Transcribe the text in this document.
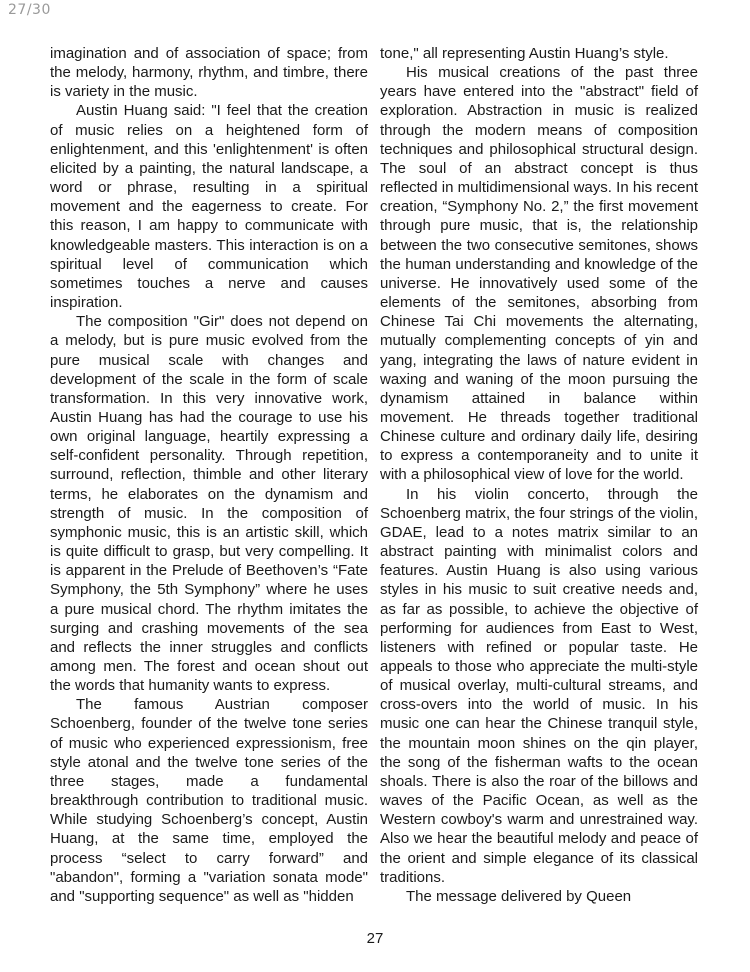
27/30

imagination and of association of space; from the melody, harmony, rhythm, and timbre, there is variety in the music.

Austin Huang said: "I feel that the creation of music relies on a heightened form of enlightenment, and this 'enlightenment' is often elicited by a painting, the natural landscape, a word or phrase, resulting in a spiritual movement and the eagerness to create. For this reason, I am happy to communicate with knowledgeable masters. This interaction is on a spiritual level of communication which sometimes touches a nerve and causes inspiration.

The composition "Gir" does not depend on a melody, but is pure music evolved from the pure musical scale with changes and development of the scale in the form of scale transformation. In this very innovative work, Austin Huang has had the courage to use his own original language, heartily expressing a self-confident personality. Through repetition, surround, reflection, thimble and other literary terms, he elaborates on the dynamism and strength of music. In the composition of symphonic music, this is an artistic skill, which is quite difficult to grasp, but very compelling. It is apparent in the Prelude of Beethoven’s “Fate Symphony, the 5th Symphony” where he uses a pure musical chord. The rhythm imitates the surging and crashing movements of the sea and reflects the inner struggles and conflicts among men. The forest and ocean shout out the words that humanity wants to express.

The famous Austrian composer Schoenberg, founder of the twelve tone series of music who experienced expressionism, free style atonal and the twelve tone series of the three stages, made a fundamental breakthrough contribution to traditional music. While studying Schoenberg’s concept, Austin Huang, at the same time, employed the process “select to carry forward” and "abandon", forming a "variation sonata mode" and "supporting sequence" as well as "hidden

tone," all representing Austin Huang’s style.

His musical creations of the past three years have entered into the "abstract" field of exploration. Abstraction in music is realized through the modern means of composition techniques and philosophical structural design. The soul of an abstract concept is thus reflected in multidimensional ways. In his recent creation, “Symphony No. 2,” the first movement through pure music, that is, the relationship between the two consecutive semitones, shows the human understanding and knowledge of the universe. He innovatively used some of the elements of the semitones, absorbing from Chinese Tai Chi movements the alternating, mutually complementing concepts of yin and yang, integrating the laws of nature evident in waxing and waning of the moon pursuing the dynamism attained in balance within movement. He threads together traditional Chinese culture and ordinary daily life, desiring to express a contemporaneity and to unite it with a philosophical view of love for the world.

In his violin concerto, through the Schoenberg matrix, the four strings of the violin, GDAE, lead to a notes matrix similar to an abstract painting with minimalist colors and features. Austin Huang is also using various styles in his music to suit creative needs and, as far as possible, to achieve the objective of performing for audiences from East to West, listeners with refined or popular taste. He appeals to those who appreciate the multi-style of musical overlay, multi-cultural streams, and cross-overs into the world of music. In his music one can hear the Chinese tranquil style, the mountain moon shines on the qin player, the song of the fisherman wafts to the ocean shoals. There is also the roar of the billows and waves of the Pacific Ocean, as well as the Western cowboy's warm and unrestrained way. Also we hear the beautiful melody and peace of the orient and simple elegance of its classical traditions.

The message delivered by Queen

27
